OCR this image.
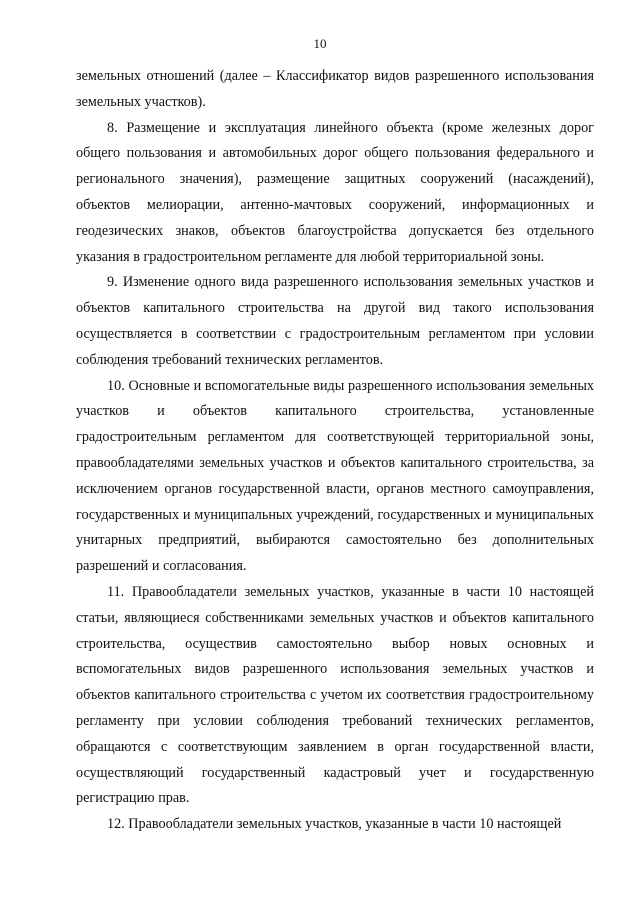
10

земельных отношений (далее – Классификатор видов разрешенного использования земельных участков).

8. Размещение и эксплуатация линейного объекта (кроме железных дорог общего пользования и автомобильных дорог общего пользования федерального и регионального значения), размещение защитных сооружений (насаждений), объектов мелиорации, антенно-мачтовых сооружений, информационных и геодезических знаков, объектов благоустройства допускается без отдельного указания в градостроительном регламенте для любой территориальной зоны.

9. Изменение одного вида разрешенного использования земельных участков и объектов капитального строительства на другой вид такого использования осуществляется в соответствии с градостроительным регламентом при условии соблюдения требований технических регламентов.

10. Основные и вспомогательные виды разрешенного использования земельных участков и объектов капитального строительства, установленные градостроительным регламентом для соответствующей территориальной зоны, правообладателями земельных участков и объектов капитального строительства, за исключением органов государственной власти, органов местного самоуправления, государственных и муниципальных учреждений, государственных и муниципальных унитарных предприятий, выбираются самостоятельно без дополнительных разрешений и согласования.

11. Правообладатели земельных участков, указанные в части 10 настоящей статьи, являющиеся собственниками земельных участков и объектов капитального строительства, осуществив самостоятельно выбор новых основных и вспомогательных видов разрешенного использования земельных участков и объектов капитального строительства с учетом их соответствия градостроительному регламенту при условии соблюдения требований технических регламентов, обращаются с соответствующим заявлением в орган государственной власти, осуществляющий государственный кадастровый учет и государственную регистрацию прав.

12. Правообладатели земельных участков, указанные в части 10 настоящей
